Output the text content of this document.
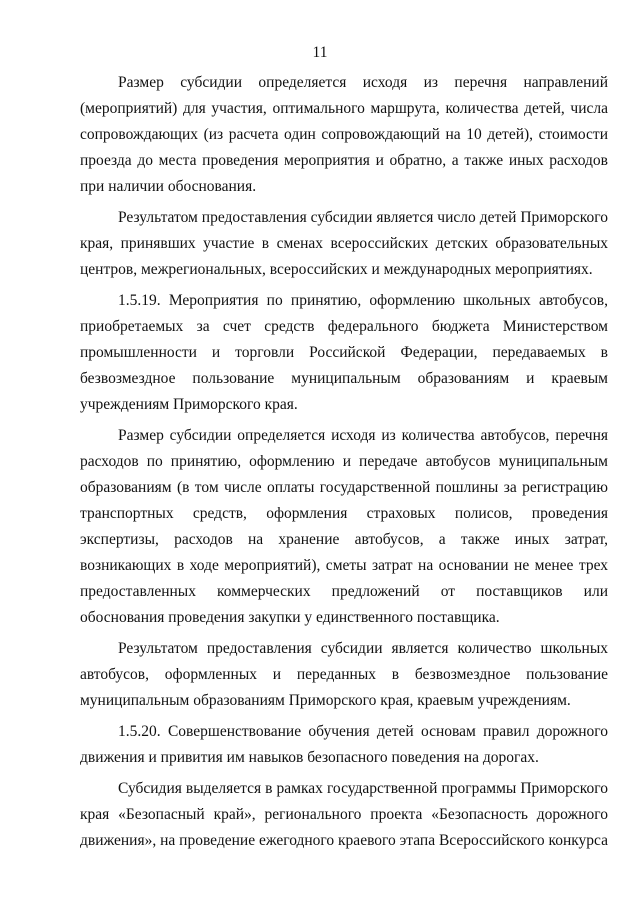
11

Размер субсидии определяется исходя из перечня направлений (мероприятий) для участия, оптимального маршрута, количества детей, числа сопровождающих (из расчета один сопровождающий на 10 детей), стоимости проезда до места проведения мероприятия и обратно, а также иных расходов при наличии обоснования.

Результатом предоставления субсидии является число детей Приморского края, принявших участие в сменах всероссийских детских образовательных центров, межрегиональных, всероссийских и международных мероприятиях.

1.5.19. Мероприятия по принятию, оформлению школьных автобусов, приобретаемых за счет средств федерального бюджета Министерством промышленности и торговли Российской Федерации, передаваемых в безвозмездное пользование муниципальным образованиям и краевым учреждениям Приморского края.

Размер субсидии определяется исходя из количества автобусов, перечня расходов по принятию, оформлению и передаче автобусов муниципальным образованиям (в том числе оплаты государственной пошлины за регистрацию транспортных средств, оформления страховых полисов, проведения экспертизы, расходов на хранение автобусов, а также иных затрат, возникающих в ходе мероприятий), сметы затрат на основании не менее трех предоставленных коммерческих предложений от поставщиков или обоснования проведения закупки у единственного поставщика.

Результатом предоставления субсидии является количество школьных автобусов, оформленных и переданных в безвозмездное пользование муниципальным образованиям Приморского края, краевым учреждениям.

1.5.20. Совершенствование обучения детей основам правил дорожного движения и привития им навыков безопасного поведения на дорогах.

Субсидия выделяется в рамках государственной программы Приморского края «Безопасный край», регионального проекта «Безопасность дорожного движения», на проведение ежегодного краевого этапа Всероссийского конкурса
